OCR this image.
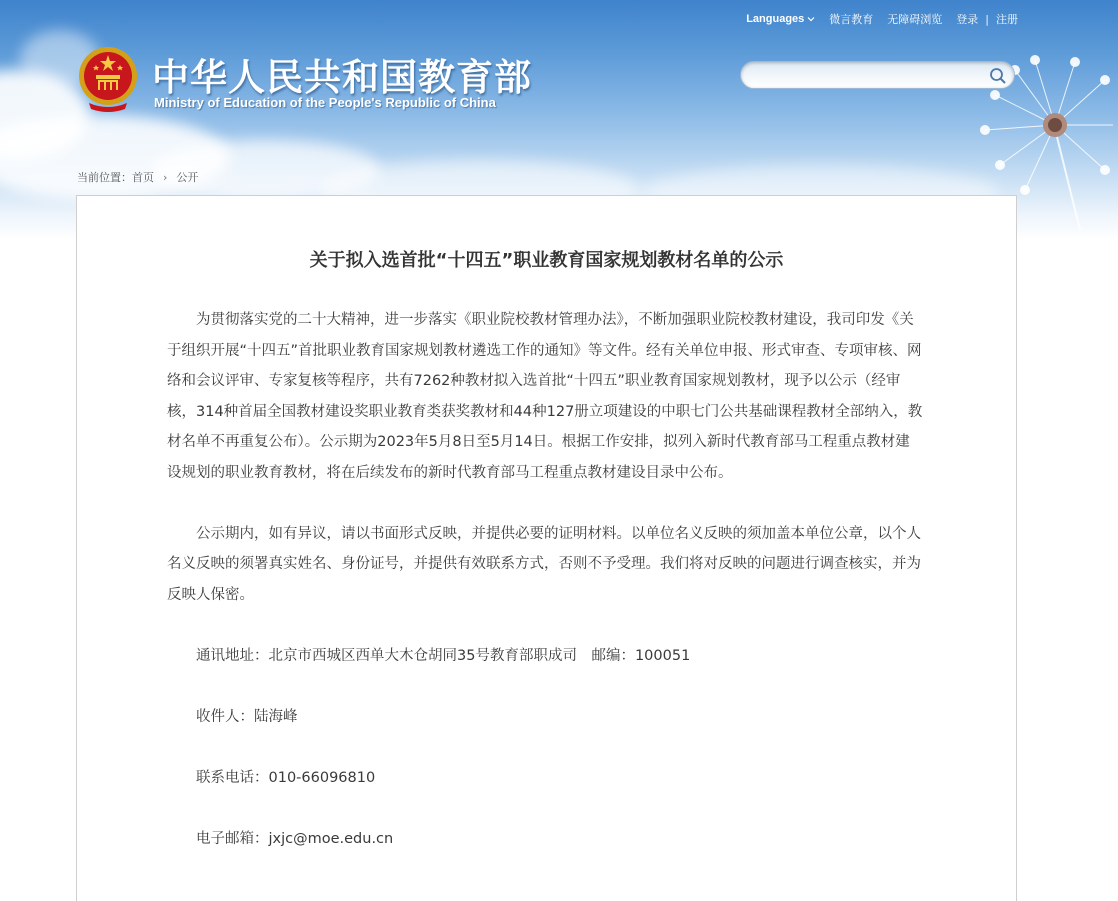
中华人民共和国教育部
Ministry of Education of the People's Republic of China
Languages 微言教育 无障碍浏览 登录 | 注册
当前位置： 首页 › 公开
关于拟入选首批“十四五”职业教育国家规划教材名单的公示

为贯彻落实党的二十大精神，进一步落实《职业院校教材管理办法》，不断加强职业院校教材建设，我司印发《关于组织开展“十四五”首批职业教育国家规划教材遴选工作的通知》等文件。经有关单位申报、形式审查、专项审核、网络和会议评审、专家复核等程序，共有7262种教材拟入选首批“十四五”职业教育国家规划教材，现予以公示（经审核，314种首届全国教材建设奖职业教育类获奖教材和44种127册立项建设的中职七门公共基础课程教材全部纳入，教材名单不再重复公布）。公示期为2023年5月8日至5月14日。根据工作安排，拟列入新时代教育部马工程重点教材建设规划的职业教育教材，将在后续发布的新时代教育部马工程重点教材建设目录中公布。

公示期内，如有异议，请以书面形式反映，并提供必要的证明材料。以单位名义反映的须加盖本单位公章，以个人名义反映的须署真实姓名、身份证号，并提供有效联系方式，否则不予受理。我们将对反映的问题进行调查核实，并为反映人保密。

通讯地址：北京市西城区西单大木仓胡同35号教育部职成司　邮编：100051

收件人：陆海峰

联系电话：010-66096810

电子邮箱：jxjc@moe.edu.cn
